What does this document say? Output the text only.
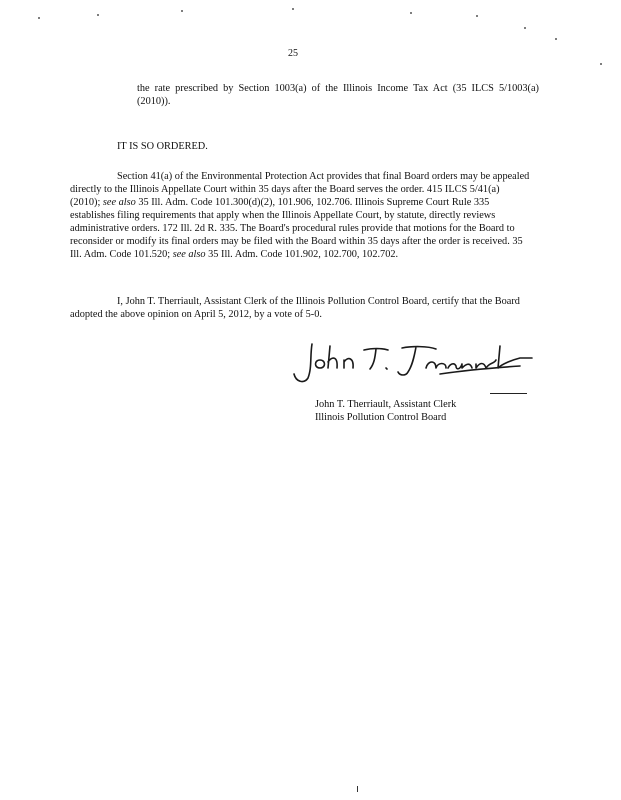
25

the rate prescribed by Section 1003(a) of the Illinois Income Tax Act (35 ILCS 5/1003(a) (2010)).

IT IS SO ORDERED.

Section 41(a) of the Environmental Protection Act provides that final Board orders may be appealed directly to the Illinois Appellate Court within 35 days after the Board serves the order. 415 ILCS 5/41(a) (2010); see also 35 Ill. Adm. Code 101.300(d)(2), 101.906, 102.706. Illinois Supreme Court Rule 335 establishes filing requirements that apply when the Illinois Appellate Court, by statute, directly reviews administrative orders. 172 Ill. 2d R. 335. The Board's procedural rules provide that motions for the Board to reconsider or modify its final orders may be filed with the Board within 35 days after the order is received. 35 Ill. Adm. Code 101.520; see also 35 Ill. Adm. Code 101.902, 102.700, 102.702.

I, John T. Therriault, Assistant Clerk of the Illinois Pollution Control Board, certify that the Board adopted the above opinion on April 5, 2012, by a vote of 5-0.

John T. Therriault, Assistant Clerk
Illinois Pollution Control Board
